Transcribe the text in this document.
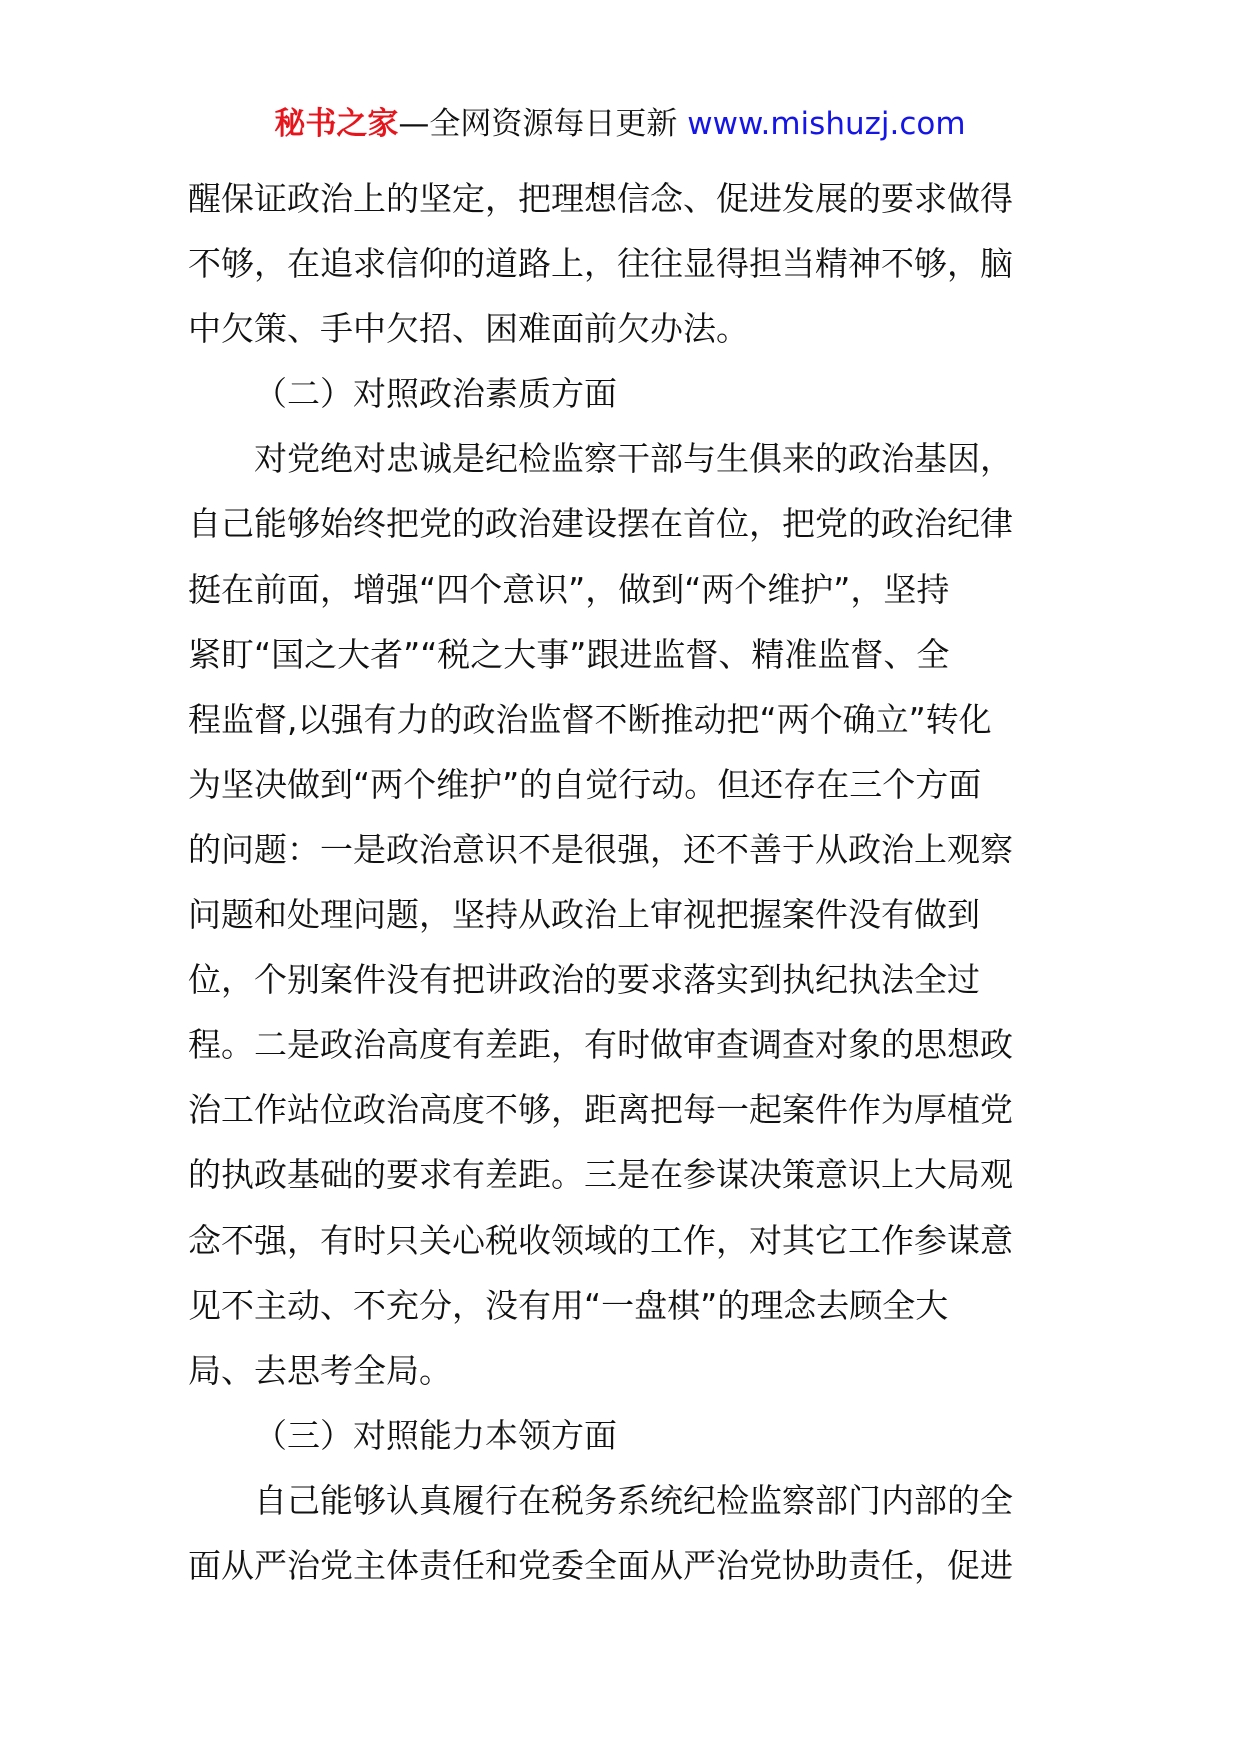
秘书之家—全网资源每日更新 www.mishuzj.com
醒保证政治上的坚定，把理想信念、促进发展的要求做得
不够，在追求信仰的道路上，往往显得担当精神不够，脑
中欠策、手中欠招、困难面前欠办法。
（二）对照政治素质方面
对党绝对忠诚是纪检监察干部与生俱来的政治基因，
自己能够始终把党的政治建设摆在首位，把党的政治纪律
挺在前面，增强“四个意识”，做到“两个维护”，坚持
紧盯“国之大者”“税之大事”跟进监督、精准监督、全
程监督,以强有力的政治监督不断推动把“两个确立”转化
为坚决做到“两个维护”的自觉行动。但还存在三个方面
的问题：一是政治意识不是很强，还不善于从政治上观察
问题和处理问题，坚持从政治上审视把握案件没有做到
位，个别案件没有把讲政治的要求落实到执纪执法全过
程。二是政治高度有差距，有时做审查调查对象的思想政
治工作站位政治高度不够，距离把每一起案件作为厚植党
的执政基础的要求有差距。三是在参谋决策意识上大局观
念不强，有时只关心税收领域的工作，对其它工作参谋意
见不主动、不充分，没有用“一盘棋”的理念去顾全大
局、去思考全局。
（三）对照能力本领方面
自己能够认真履行在税务系统纪检监察部门内部的全
面从严治党主体责任和党委全面从严治党协助责任，促进
